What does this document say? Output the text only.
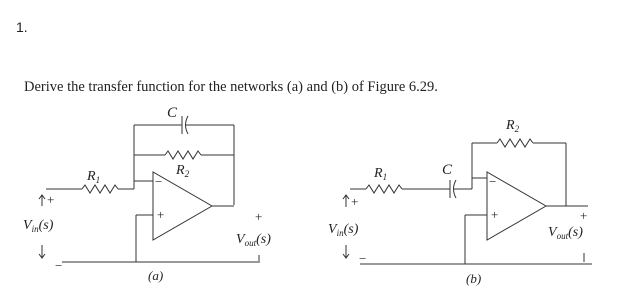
1.
Derive the transfer function for the networks (a) and (b) of Figure 6.29.
−
+
+
−
+
C
$R_1$
$R_2$
$V_{in}(s)$
$V_{out}(s)$
(a)
−
+
+
−
+
C
$R_1$
$R_2$
$V_{in}(s)$	$V_{out}(s)$
(b)
